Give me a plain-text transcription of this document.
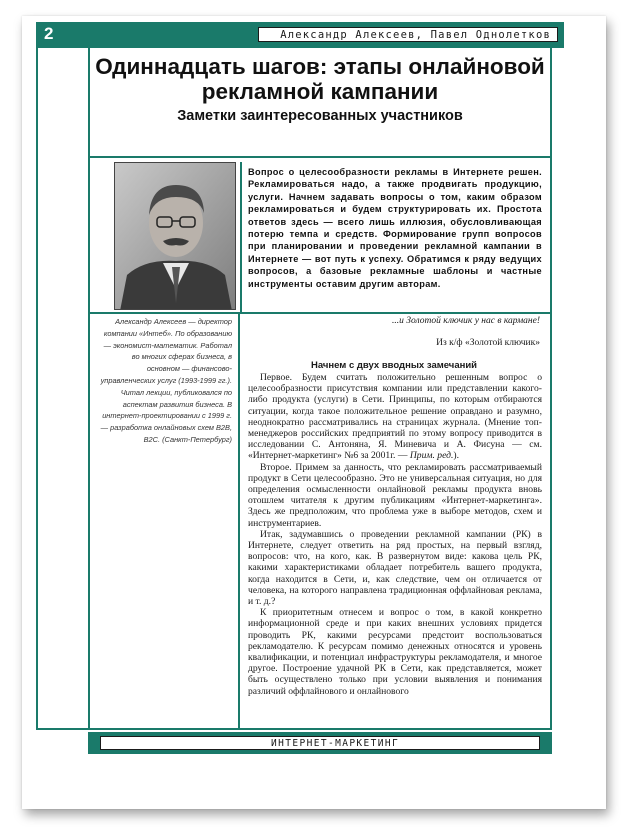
2	Александр Алексеев, Павел Однолетков
Одиннадцать шагов: этапы онлайновой рекламной кампании
Заметки заинтересованных участников
Вопрос о целесообразности рекламы в Интернете решен. Рекламироваться надо, а также продвигать продукцию, услуги. Начнем задавать вопросы о том, каким образом рекламироваться и будем структурировать их. Простота ответов здесь — всего лишь иллюзия, обусловливающая потерю темпа и средств. Формирование групп вопросов при планировании и проведении рекламной кампании в Интернете — вот путь к успеху. Обратимся к ряду ведущих вопросов, а базовые рекламные шаблоны и частные инструменты оставим другим авторам.
Александр Алексеев — директор компании «Интеб». По образованию — экономист-математик. Работал во многих сферах бизнеса, в основном — финансово-управленческих услуг (1993-1999 гг.). Читал лекции, публиковался по аспектам развития бизнеса. В интернет-проектировании с 1999 г. — разработка онлайновых схем B2B, B2C. (Санкт-Петербург)
...и Золотой ключик у нас в кармане!
Из к/ф «Золотой ключик»
Начнем с двух вводных замечаний

Первое. Будем считать положительно решенным вопрос о целесообразности присутствия компании или представлении какого-либо продукта (услуги) в Сети. Принципы, по которым отбираются ситуации, когда такое положительное решение оправдано и разумно, неоднократно рассматривались на страницах журнала. (Мнение топ-менеджеров российских предприятий по этому вопросу приводится в исследовании С. Антоняна, Я. Миневича и А. Фисуна — см. «Интернет-маркетинг» №6 за 2001г. — Прим. ред.).

Второе. Примем за данность, что рекламировать рассматриваемый продукт в Сети целесообразно. Это не универсальная ситуация, но для определения осмысленности онлайновой рекламы продукта вновь отошлем читателя к другим публикациям «Интернет-маркетинга». Здесь же предположим, что проблема уже в выборе методов, схем и инструментариев.

Итак, задумавшись о проведении рекламной кампании (РК) в Интернете, следует ответить на ряд простых, на первый взгляд, вопросов: что, на кого, как. В развернутом виде: какова цель РК, какими характеристиками обладает потребитель вашего продукта, когда находится в Сети, и, как следствие, чем он отличается от человека, на которого направлена традиционная оффлайновая реклама, и т. д.?

К приоритетным отнесем и вопрос о том, в какой конкретно информационной среде и при каких внешних условиях придется проводить РК, какими ресурсами предстоит воспользоваться рекламодателю. К ресурсам помимо денежных относятся и уровень квалификации, и потенциал инфраструктуры рекламодателя, и многое другое. Построение удачной РК в Сети, как представляется, может быть осуществлено только при условии выявления и понимания различий оффлайнового и онлайнового

ИНТЕРНЕТ-МАРКЕТИНГ
